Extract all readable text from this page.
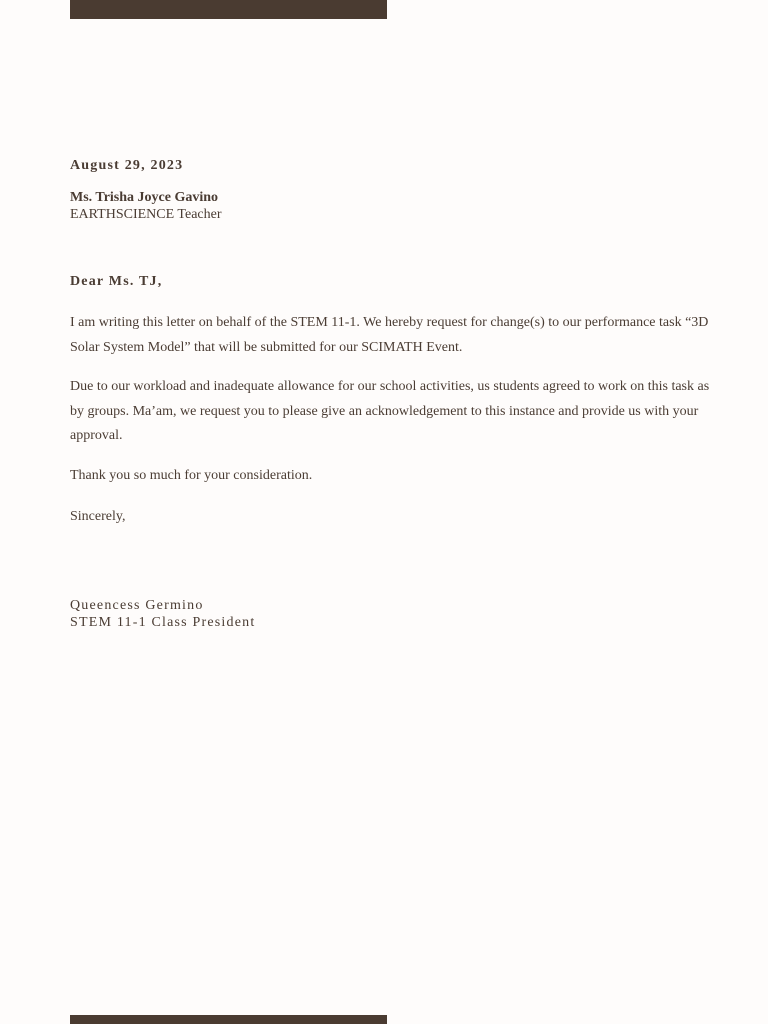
August 29, 2023

Ms. Trisha Joyce Gavino

EARTHSCIENCE Teacher

Dear Ms. TJ,

I am writing this letter on behalf of the STEM 11-1. We hereby request for change(s) to our performance task “3D Solar System Model” that will be submitted for our SCIMATH Event.

Due to our workload and inadequate allowance for our school activities, us students agreed to work on this task as by groups. Ma’am, we request you to please give an acknowledgement to this instance and provide us with your approval.

Thank you so much for your consideration.

Sincerely,

Queencess Germino

STEM 11-1 Class President
